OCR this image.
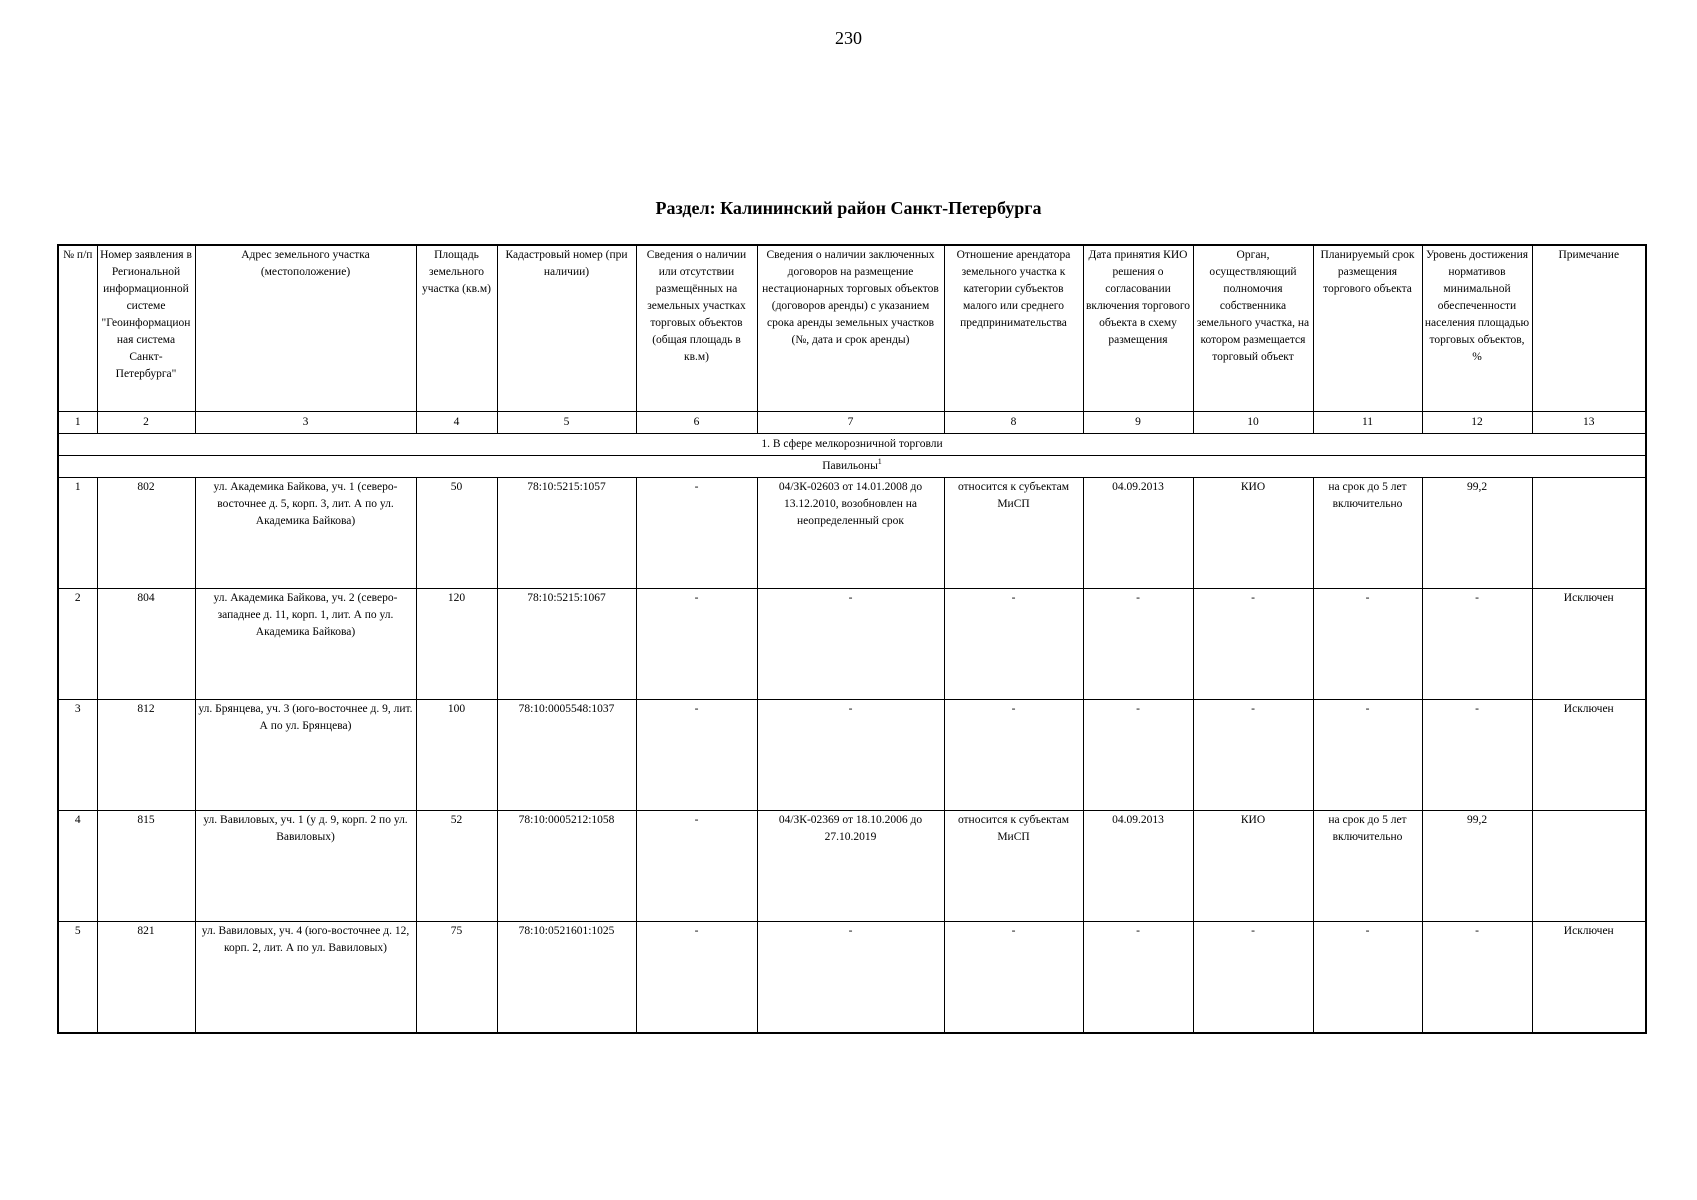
230
Раздел: Калининский район Санкт-Петербурга
№ п/п	Номер заявления в Региональной информационной системе "Геоинформационная система Санкт-Петербурга"	Адрес земельного участка (местоположение)	Площадь земельного участка (кв.м)	Кадастровый номер (при наличии)	Сведения о наличии или отсутствии размещённых на земельных участках торговых объектов (общая площадь в кв.м)	Сведения о наличии заключенных договоров на размещение нестационарных торговых объектов (договоров аренды) с указанием срока аренды земельных участков (№, дата и срок аренды)	Отношение арендатора земельного участка к категории субъектов малого или среднего предпринимательства	Дата принятия КИО решения о согласовании включения торгового объекта в схему размещения	Орган, осуществляющий полномочия собственника земельного участка, на котором размещается торговый объект	Планируемый срок размещения торгового объекта	Уровень достижения нормативов минимальной обеспеченности населения площадью торговых объектов, %	Примечание
1	2	3	4	5	6	7	8	9	10	11	12	13
1. В сфере мелкорозничной торговли												
Павильоны$^1$
1	802	ул. Академика Байкова, уч. 1 (северо-восточнее д. 5, корп. 3, лит. А по ул. Академика Байкова)	50	78:10:5215:1057	-	04/ЗК-02603 от 14.01.2008 до 13.12.2010, возобновлен на неопределенный срок	относится к субъектам МиСП	04.09.2013	КИО	на срок до 5 лет включительно	99,2	
2	804	ул. Академика Байкова, уч. 2 (северо-западнее д. 11, корп. 1, лит. А по ул. Академика Байкова)	120	78:10:5215:1067	-	-	-	-	-	-	-	Исключен
3	812	ул. Брянцева, уч. 3 (юго-восточнее д. 9, лит. А по ул. Брянцева)	100	78:10:0005548:1037	-	-	-	-	-	-	-	Исключен
4	815	ул. Вавиловых, уч. 1 (у д. 9, корп. 2 по ул. Вавиловых)	52	78:10:0005212:1058	-	04/ЗК-02369 от 18.10.2006 до 27.10.2019	относится к субъектам МиСП	04.09.2013	КИО	на срок до 5 лет включительно	99,2	
5	821	ул. Вавиловых, уч. 4 (юго-восточнее д. 12, корп. 2, лит. А по ул. Вавиловых)	75	78:10:0521601:1025	-	-	-	-	-	-	-	Исключен
